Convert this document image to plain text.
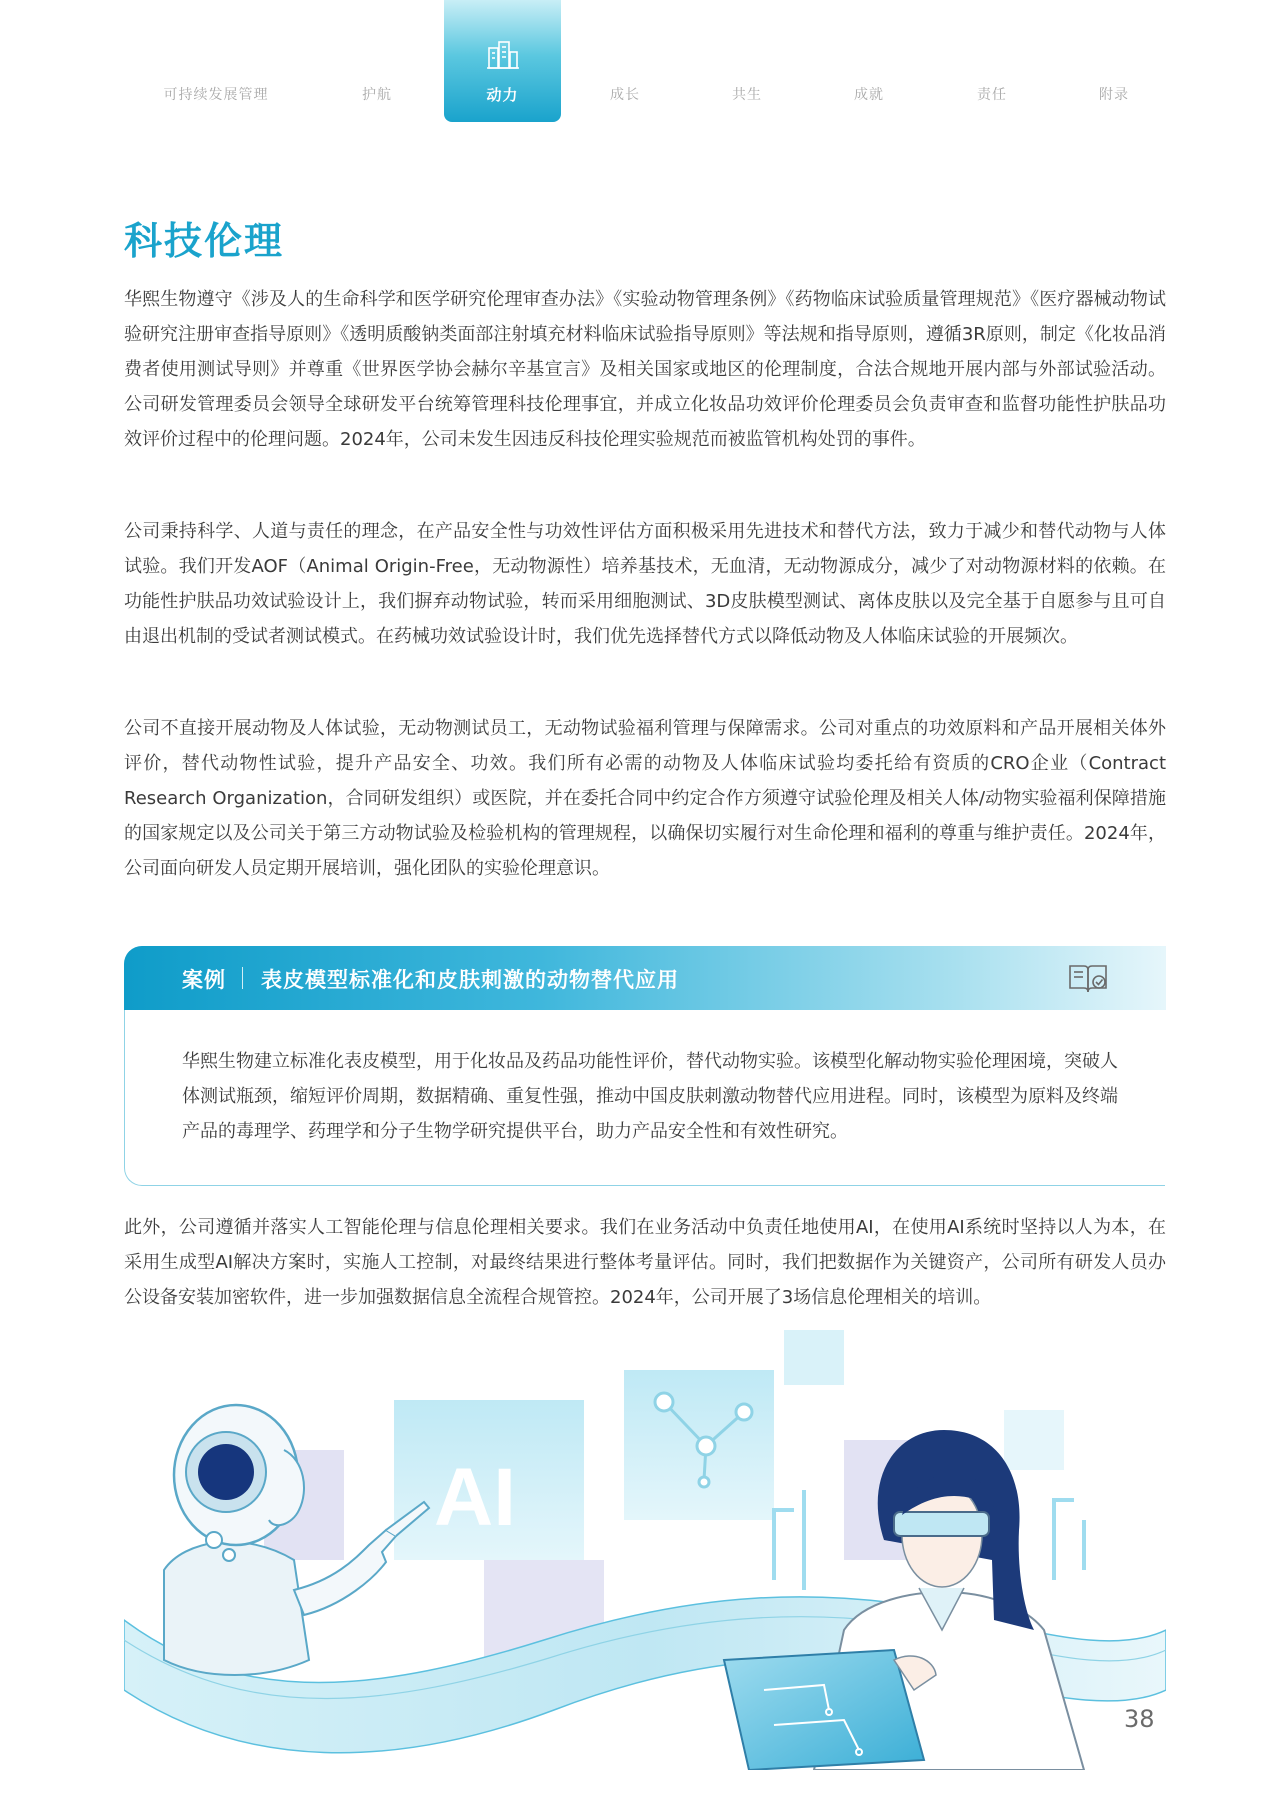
可持续发展管理	护航	动力	成长	共生	成就	责任	附录
科技伦理
华熙生物遵守《涉及人的生命科学和医学研究伦理审查办法》《实验动物管理条例》《药物临床试验质量管理规范》《医疗器械动物试验研究注册审查指导原则》《透明质酸钠类面部注射填充材料临床试验指导原则》等法规和指导原则，遵循3R原则，制定《化妆品消费者使用测试导则》并尊重《世界医学协会赫尔辛基宣言》及相关国家或地区的伦理制度，合法合规地开展内部与外部试验活动。公司研发管理委员会领导全球研发平台统筹管理科技伦理事宜，并成立化妆品功效评价伦理委员会负责审查和监督功能性护肤品功效评价过程中的伦理问题。2024年，公司未发生因违反科技伦理实验规范而被监管机构处罚的事件。
公司秉持科学、人道与责任的理念，在产品安全性与功效性评估方面积极采用先进技术和替代方法，致力于减少和替代动物与人体试验。我们开发AOF（Animal Origin-Free，无动物源性）培养基技术，无血清，无动物源成分，减少了对动物源材料的依赖。在功能性护肤品功效试验设计上，我们摒弃动物试验，转而采用细胞测试、3D皮肤模型测试、离体皮肤以及完全基于自愿参与且可自由退出机制的受试者测试模式。在药械功效试验设计时，我们优先选择替代方式以降低动物及人体临床试验的开展频次。
公司不直接开展动物及人体试验，无动物测试员工，无动物试验福利管理与保障需求。公司对重点的功效原料和产品开展相关体外评价，替代动物性试验，提升产品安全、功效。我们所有必需的动物及人体临床试验均委托给有资质的CRO企业（Contract Research Organization，合同研发组织）或医院，并在委托合同中约定合作方须遵守试验伦理及相关人体/动物实验福利保障措施的国家规定以及公司关于第三方动物试验及检验机构的管理规程，以确保切实履行对生命伦理和福利的尊重与维护责任。2024年，公司面向研发人员定期开展培训，强化团队的实验伦理意识。
案例 表皮模型标准化和皮肤刺激的动物替代应用
华熙生物建立标准化表皮模型，用于化妆品及药品功能性评价，替代动物实验。该模型化解动物实验伦理困境，突破人体测试瓶颈，缩短评价周期，数据精确、重复性强，推动中国皮肤刺激动物替代应用进程。同时，该模型为原料及终端产品的毒理学、药理学和分子生物学研究提供平台，助力产品安全性和有效性研究。
此外，公司遵循并落实人工智能伦理与信息伦理相关要求。我们在业务活动中负责任地使用AI，在使用AI系统时坚持以人为本，在采用生成型AI解决方案时，实施人工控制，对最终结果进行整体考量评估。同时，我们把数据作为关键资产，公司所有研发人员办公设备安装加密软件，进一步加强数据信息全流程合规管控。2024年，公司开展了3场信息伦理相关的培训。
AI
38
